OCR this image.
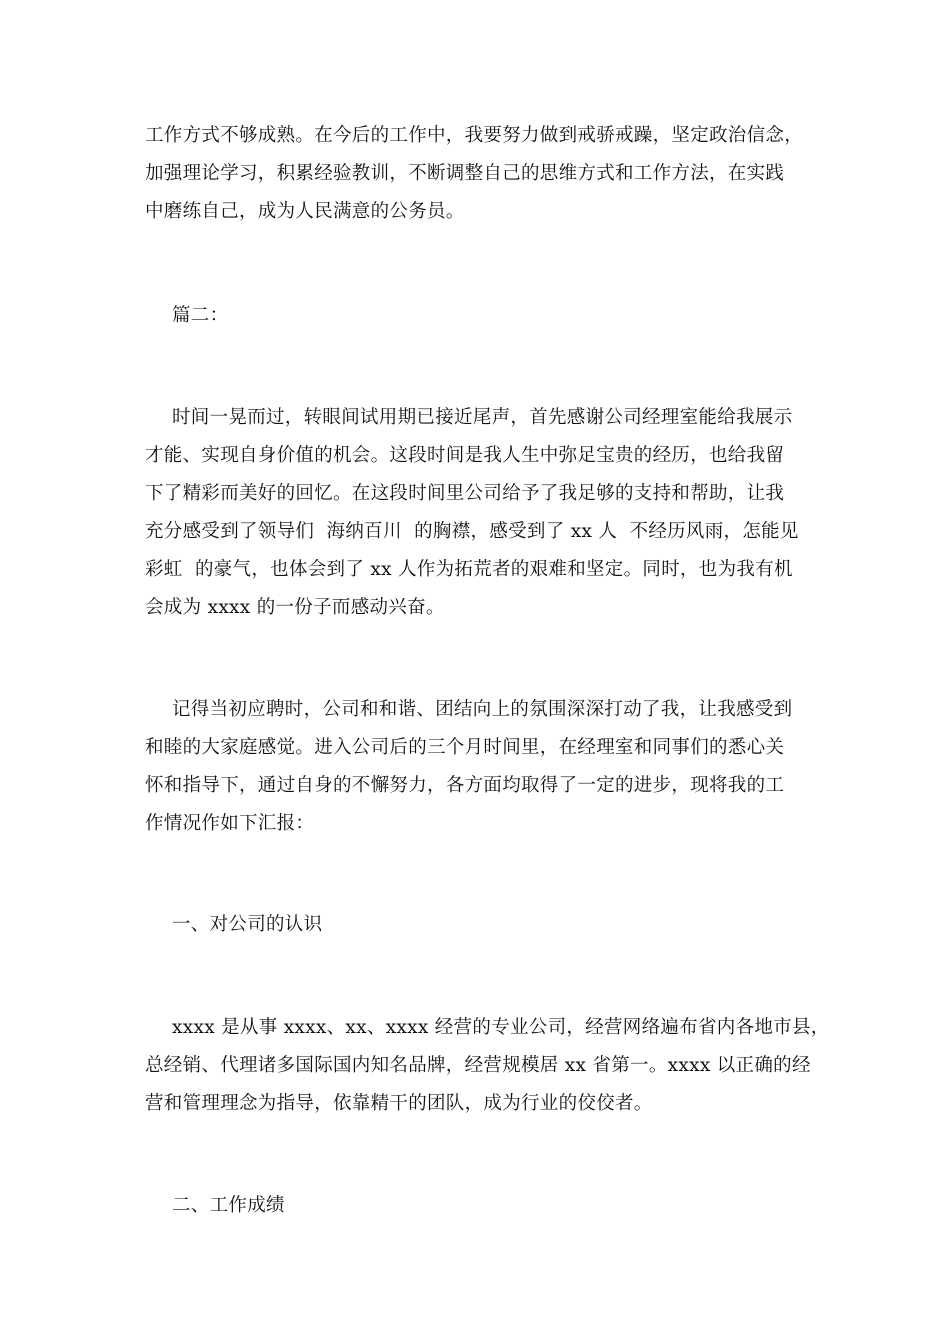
工作方式不够成熟。在今后的工作中，我要努力做到戒骄戒躁，坚定政治信念，
加强理论学习，积累经验教训，不断调整自己的思维方式和工作方法，在实践
中磨练自己，成为人民满意的公务员。
篇二：
时间一晃而过，转眼间试用期已接近尾声，首先感谢公司经理室能给我展示
才能、实现自身价值的机会。这段时间是我人生中弥足宝贵的经历，也给我留
下了精彩而美好的回忆。在这段时间里公司给予了我足够的支持和帮助，让我
充分感受到了领导们  海纳百川  的胸襟，感受到了 xx 人  不经历风雨，怎能见
彩虹  的豪气，也体会到了 xx 人作为拓荒者的艰难和坚定。同时，也为我有机
会成为 xxxx 的一份子而感动兴奋。
记得当初应聘时，公司和和谐、团结向上的氛围深深打动了我，让我感受到
和睦的大家庭感觉。进入公司后的三个月时间里，在经理室和同事们的悉心关
怀和指导下，通过自身的不懈努力，各方面均取得了一定的进步，现将我的工
作情况作如下汇报：
一、对公司的认识
xxxx 是从事 xxxx、xx、xxxx 经营的专业公司，经营网络遍布省内各地市县，
总经销、代理诸多国际国内知名品牌，经营规模居 xx 省第一。xxxx 以正确的经
营和管理理念为指导，依靠精干的团队，成为行业的佼佼者。
二、工作成绩
